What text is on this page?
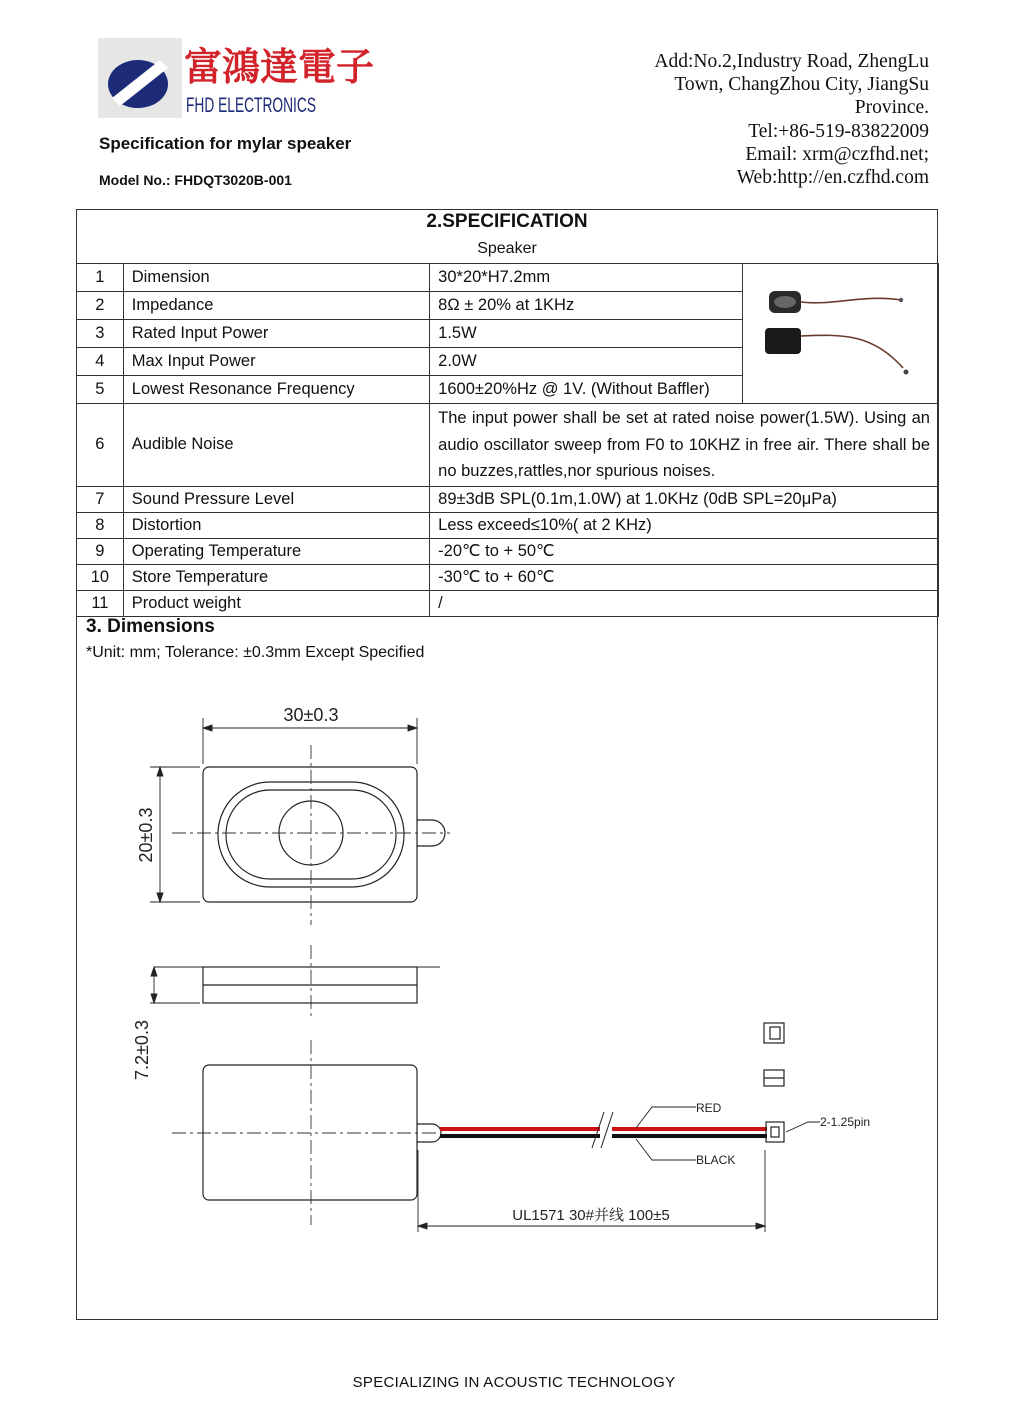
富鴻達電子
FHD ELECTRONICS
Specification for mylar speaker
Model No.: FHDQT3020B-001
Add:No.2,Industry Road, ZhengLu
Town, ChangZhou City, JiangSu
Province.
Tel:+86-519-83822009
Email: xrm@czfhd.net;
Web:http://en.czfhd.com
2.SPECIFICATION
Speaker
1	Dimension	30*20*H7.2mm	
2	Impedance	8Ω ± 20% at 1KHz	
3	Rated Input Power	1.5W	
4	Max Input Power	2.0W	
5	Lowest Resonance Frequency	1600±20%Hz @ 1V. (Without Baffler)	
6	Audible Noise	The input power shall be set at rated noise power(1.5W). Using an audio oscillator sweep from F0 to 10KHZ in free air. There shall be no buzzes,rattles,nor spurious noises.	
7	Sound Pressure Level	89±3dB SPL(0.1m,1.0W) at 1.0KHz (0dB SPL=20μPa)	
8	Distortion	Less exceed≤10%( at 2 KHz)	
9	Operating Temperature	-20℃ to + 50℃	
10	Store Temperature	-30℃ to + 60℃	
11	Product weight	/	
3. Dimensions
*Unit: mm; Tolerance: ±0.3mm Except Specified
30±0.3
20±0.3
7.2±0.3
RED
BLACK
2-1.25pin
UL1571 30#并线 100±5
SPECIALIZING IN ACOUSTIC TECHNOLOGY
